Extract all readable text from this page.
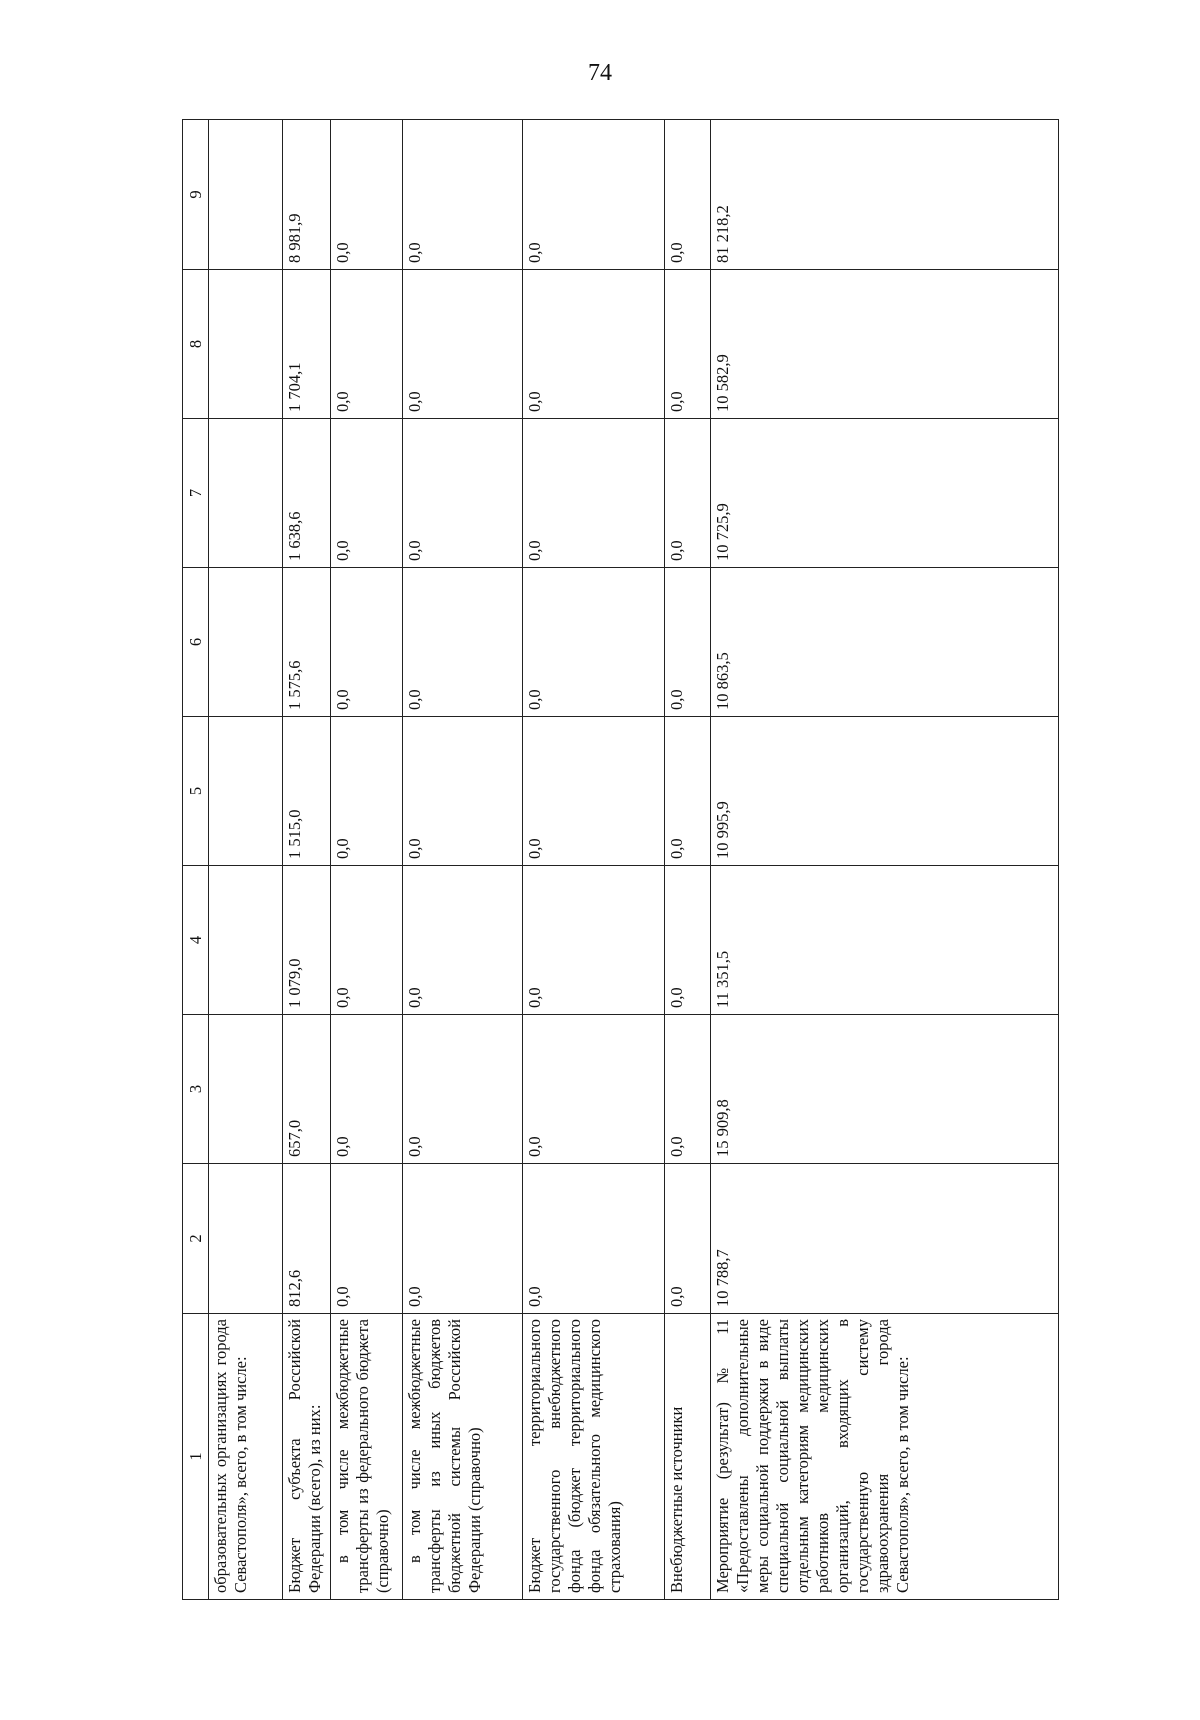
74
1	2	3	4	5	6	7	8	9
образовательных организациях города Севастополя», всего, в том числе:								
Бюджет субъекта Российской Федерации (всего), из них:	812,6	657,0	1 079,0	1 515,0	1 575,6	1 638,6	1 704,1	8 981,9
в том числе межбюджетные трансферты из федерального бюджета (справочно)	0,0	0,0	0,0	0,0	0,0	0,0	0,0	0,0
в том числе межбюджетные трансферты из иных бюджетов бюджетной системы Российской Федерации (справочно)	0,0	0,0	0,0	0,0	0,0	0,0	0,0	0,0
Бюджет территориального государственного внебюджетного фонда (бюджет территориального фонда обязательного медицинского страхования)	0,0	0,0	0,0	0,0	0,0	0,0	0,0	0,0
Внебюджетные источники	0,0	0,0	0,0	0,0	0,0	0,0	0,0	0,0
Мероприятие (результат) № 11 «Предоставлены дополнительные меры социальной поддержки в виде специальной социальной выплаты отдельным категориям медицинских работников медицинских организаций, входящих в государственную систему здравоохранения города Севастополя», всего, в том числе:	10 788,7	15 909,8	11 351,5	10 995,9	10 863,5	10 725,9	10 582,9	81 218,2
